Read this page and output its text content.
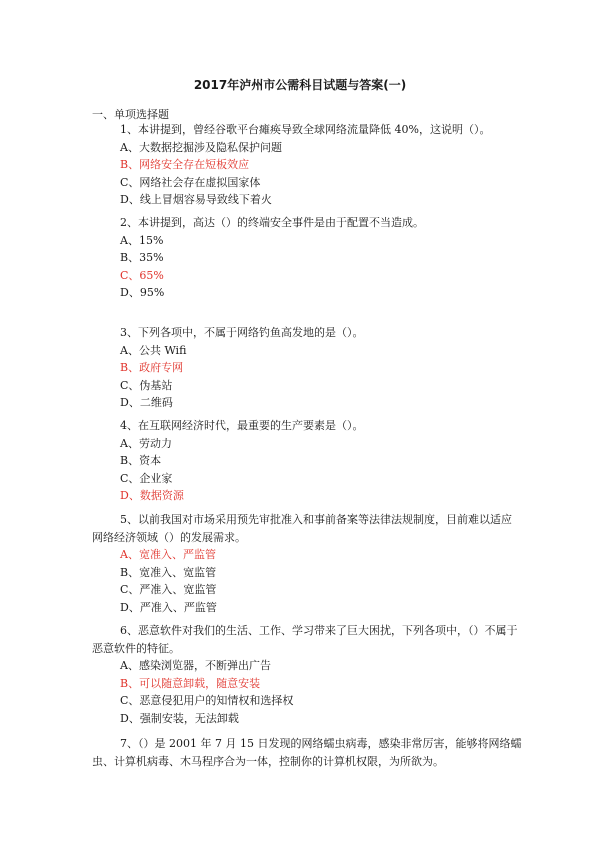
2017年泸州市公需科目试题与答案(一)
一、单项选择题
1、本讲提到，曾经谷歌平台瘫痪导致全球网络流量降低 40%，这说明（）。
A、大数据挖掘涉及隐私保护问题
B、网络安全存在短板效应
C、网络社会存在虚拟国家体
D、线上冒烟容易导致线下着火
2、本讲提到，高达（）的终端安全事件是由于配置不当造成。
A、15%
B、35%
C、65%
D、95%
3、下列各项中，不属于网络钓鱼高发地的是（）。
A、公共 Wifi
B、政府专网
C、伪基站
D、二维码
4、在互联网经济时代，最重要的生产要素是（）。
A、劳动力
B、资本
C、企业家
D、数据资源
5、以前我国对市场采用预先审批准入和事前备案等法律法规制度，目前难以适应网络经济领域（）的发展需求。
A、宽准入、严监管
B、宽准入、宽监管
C、严准入、宽监管
D、严准入、严监管
6、恶意软件对我们的生活、工作、学习带来了巨大困扰，下列各项中，（）不属于恶意软件的特征。
A、感染浏览器，不断弹出广告
B、可以随意卸载，随意安装
C、恶意侵犯用户的知情权和选择权
D、强制安装，无法卸载
7、（）是 2001 年 7 月 15 日发现的网络蠕虫病毒，感染非常厉害，能够将网络蠕虫、计算机病毒、木马程序合为一体，控制你的计算机权限，为所欲为。
